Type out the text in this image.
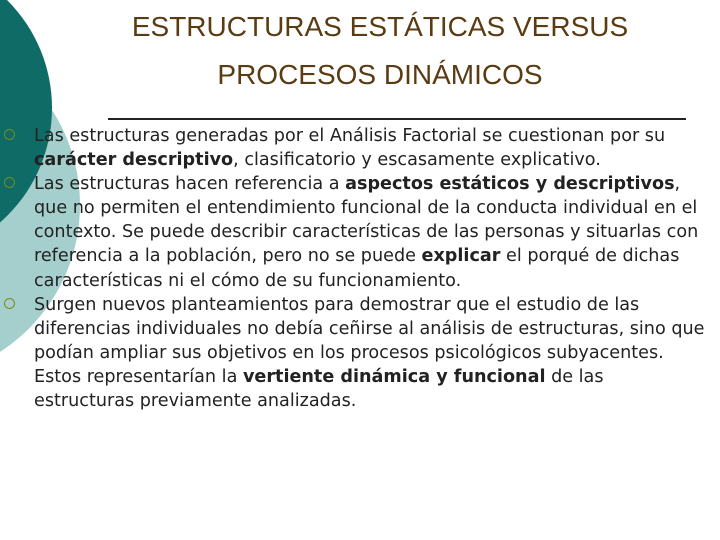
ESTRUCTURAS ESTÁTICAS VERSUS
PROCESOS DINÁMICOS
Las estructuras generadas por el Análisis Factorial se cuestionan por su carácter descriptivo, clasificatorio y escasamente explicativo.
Las estructuras hacen referencia a aspectos estáticos y descriptivos, que no permiten el entendimiento funcional de la conducta individual en el contexto. Se puede describir características de las personas y situarlas con referencia a la población, pero no se puede explicar el porqué de dichas características ni el cómo de su funcionamiento.
Surgen nuevos planteamientos para demostrar que el estudio de las diferencias individuales no debía ceñirse al análisis de estructuras, sino que podían ampliar sus objetivos en los procesos psicológicos subyacentes. Estos representarían la vertiente dinámica y funcional de las estructuras previamente analizadas.
